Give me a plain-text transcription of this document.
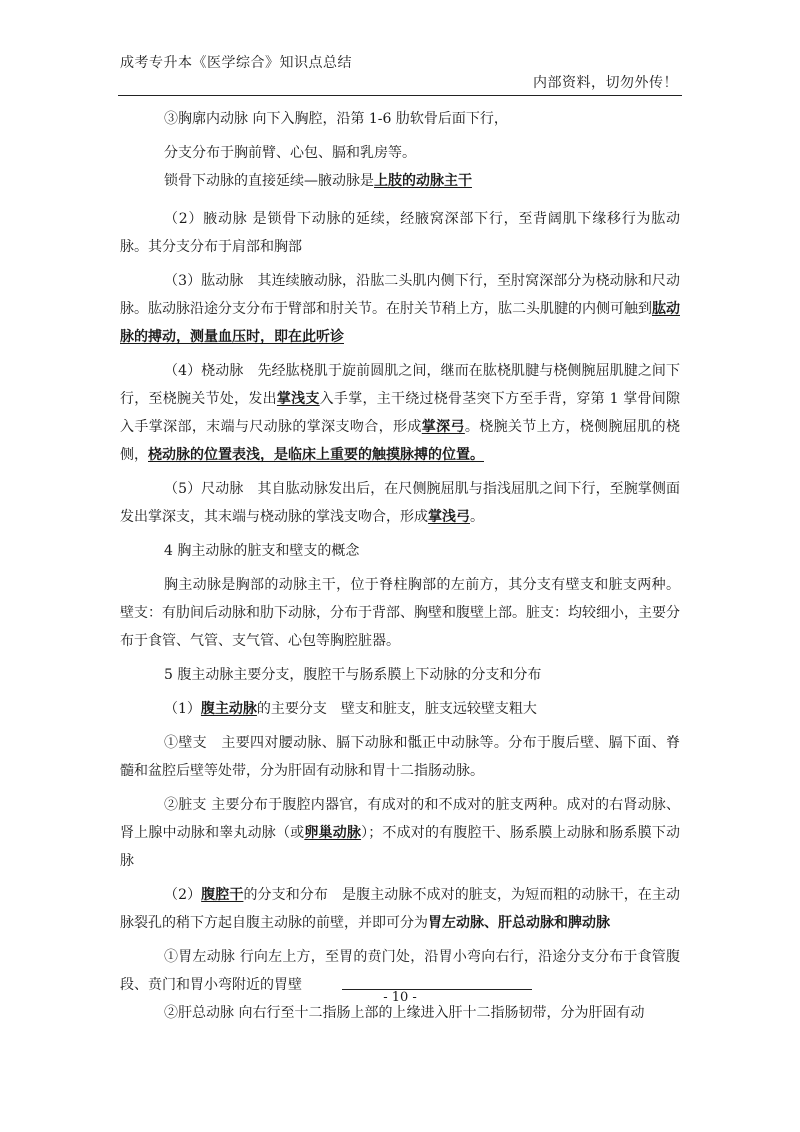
成考专升本《医学综合》知识点总结
内部资料，切勿外传！

③胸廓内动脉 向下入胸腔，沿第 1-6 肋软骨后面下行，

分支分布于胸前臂、心包、膈和乳房等。

锁骨下动脉的直接延续—腋动脉是上肢的动脉主干

（2）腋动脉 是锁骨下动脉的延续，经腋窝深部下行，至背阔肌下缘移行为肱动脉。其分支分布于肩部和胸部

（3）肱动脉　其连续腋动脉，沿肱二头肌内侧下行，至肘窝深部分为桡动脉和尺动脉。肱动脉沿途分支分布于臂部和肘关节。在肘关节稍上方，肱二头肌腱的内侧可触到肱动脉的搏动，测量血压时，即在此听诊

（4）桡动脉　先经肱桡肌于旋前圆肌之间，继而在肱桡肌腱与桡侧腕屈肌腱之间下行，至桡腕关节处，发出掌浅支入手掌，主干绕过桡骨茎突下方至手背，穿第 1 掌骨间隙入手掌深部，末端与尺动脉的掌深支吻合，形成掌深弓。桡腕关节上方，桡侧腕屈肌的桡侧，桡动脉的位置表浅，是临床上重要的触摸脉搏的位置。

（5）尺动脉　其自肱动脉发出后，在尺侧腕屈肌与指浅屈肌之间下行，至腕掌侧面发出掌深支，其末端与桡动脉的掌浅支吻合，形成掌浅弓。

4 胸主动脉的脏支和壁支的概念

胸主动脉是胸部的动脉主干，位于脊柱胸部的左前方，其分支有壁支和脏支两种。壁支：有肋间后动脉和肋下动脉，分布于背部、胸壁和腹壁上部。脏支：均较细小，主要分布于食管、气管、支气管、心包等胸腔脏器。

5 腹主动脉主要分支，腹腔干与肠系膜上下动脉的分支和分布

（1）腹主动脉的主要分支　壁支和脏支，脏支远较壁支粗大

①壁支　主要四对腰动脉、膈下动脉和骶正中动脉等。分布于腹后壁、膈下面、脊髓和盆腔后壁等处带，分为肝固有动脉和胃十二指肠动脉。

②脏支 主要分布于腹腔内器官，有成对的和不成对的脏支两种。成对的右肾动脉、肾上腺中动脉和睾丸动脉（或卵巢动脉）；不成对的有腹腔干、肠系膜上动脉和肠系膜下动脉

（2）腹腔干的分支和分布　是腹主动脉不成对的脏支，为短而粗的动脉干，在主动脉裂孔的稍下方起自腹主动脉的前壁，并即可分为胃左动脉、肝总动脉和脾动脉

①胃左动脉 行向左上方，至胃的贲门处，沿胃小弯向右行，沿途分支分布于食管腹段、贲门和胃小弯附近的胃壁

②肝总动脉 向右行至十二指肠上部的上缘进入肝十二指肠韧带，分为肝固有动

- 10 -
